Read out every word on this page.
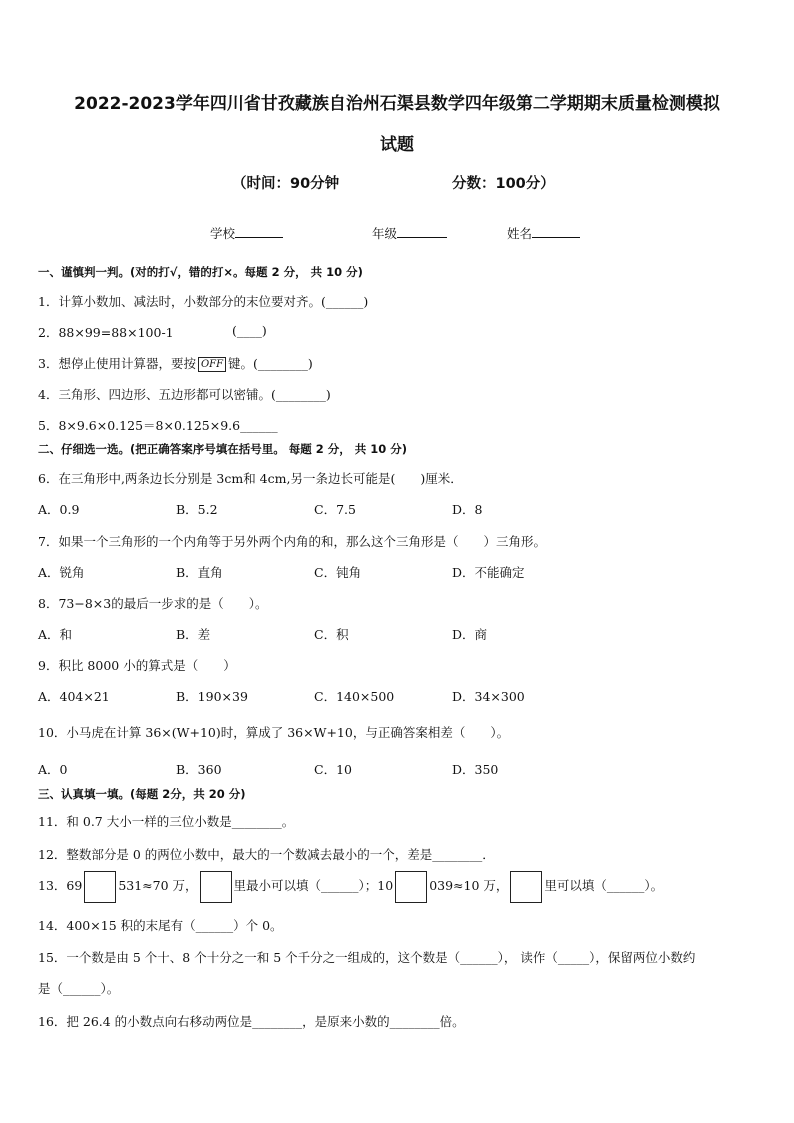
2022-2023学年四川省甘孜藏族自治州石渠县数学四年级第二学期期末质量检测模拟
试题
（时间：90分钟	分数：100分）
学校	年级	姓名
一、谨慎判一判。(对的打√，错的打×。每题 2 分， 共 10 分)
1．计算小数加、减法时，小数部分的末位要对齐。(______)
2．88×99=88×100-1	(____)
3．想停止使用计算器，要按 OFF 键。(________)
4．三角形、四边形、五边形都可以密铺。(________)
5．8×9.6×0.125＝8×0.125×9.6______
二、仔细选一选。(把正确答案序号填在括号里。 每题 2 分， 共 10 分)
6．在三角形中,两条边长分别是 3cm和 4cm,另一条边长可能是(　　)厘米．
A．0.9	B．5.2	C．7.5	D．8
7．如果一个三角形的一个内角等于另外两个内角的和，那么这个三角形是（　　）三角形。
A．锐角	B．直角	C．钝角	D．不能确定
8．73−8×3的最后一步求的是（　　）。
A．和	B．差	C．积	D．商
9．积比 8000 小的算式是（　　）
A．404×21	B．190×39	C．140×500	D．34×300
10．小马虎在计算 36×(W+10)时，算成了 36×W+10，与正确答案相差（　　）。
A．0	B．360	C．10	D．350
三、认真填一填。(每题 2分，共 20 分)
11．和 0.7 大小一样的三位小数是________。
12．整数部分是 0 的两位小数中，最大的一个数减去最小的一个，差是________．
13．69	531≈70 万，	里最小可以填（______）；10	039≈10 万，	里可以填（______）。
14．400×15 积的末尾有（______）个 0。
15．一个数是由 5 个十、8 个十分之一和 5 个千分之一组成的，这个数是（______）， 读作（_____），保留两位小数约
是（______）。
16．把 26.4 的小数点向右移动两位是________，是原来小数的________倍。
